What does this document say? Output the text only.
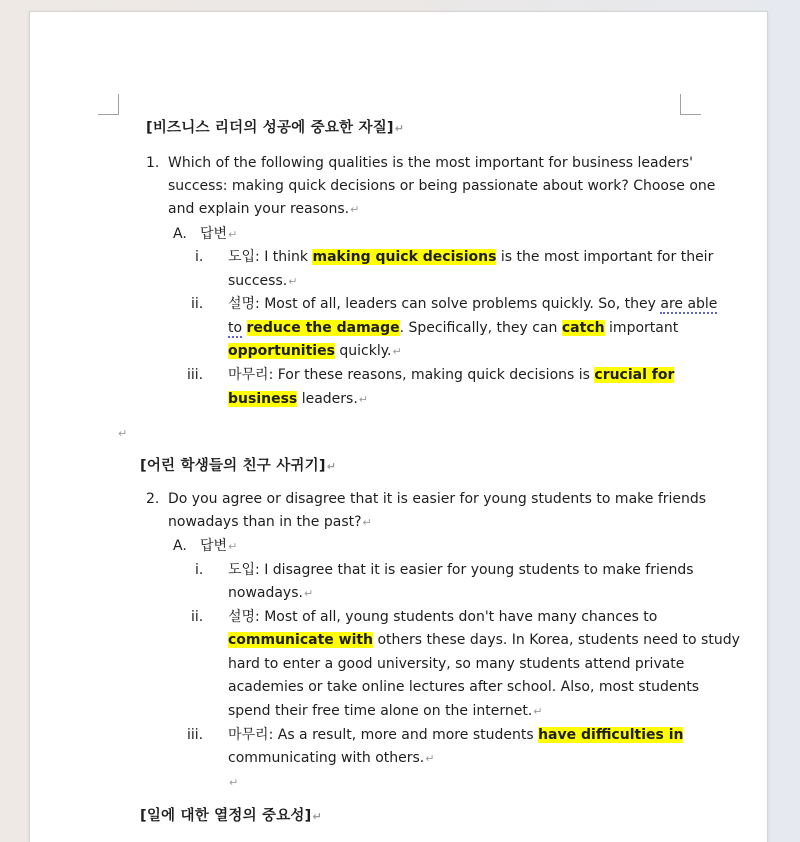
[비즈니스 리더의 성공에 중요한 자질]↵
1. Which of the following qualities is the most important for business leaders'
success: making quick decisions or being passionate about work? Choose one
and explain your reasons.↵
A. 답변↵
i. 도입: I think making quick decisions is the most important for their
success.↵
ii. 설명: Most of all, leaders can solve problems quickly. So, they are able
to reduce the damage. Specifically, they can catch important
opportunities quickly.↵
iii. 마무리: For these reasons, making quick decisions is crucial for
business leaders.↵
↵
[어린 학생들의 친구 사귀기]↵
2. Do you agree or disagree that it is easier for young students to make friends
nowadays than in the past?↵
A. 답변↵
i. 도입: I disagree that it is easier for young students to make friends
nowadays.↵
ii. 설명: Most of all, young students don't have many chances to
communicate with others these days. In Korea, students need to study
hard to enter a good university, so many students attend private
academies or take online lectures after school. Also, most students
spend their free time alone on the internet.↵
iii. 마무리: As a result, more and more students have difficulties in
communicating with others.↵
↵
[일에 대한 열정의 중요성]↵
